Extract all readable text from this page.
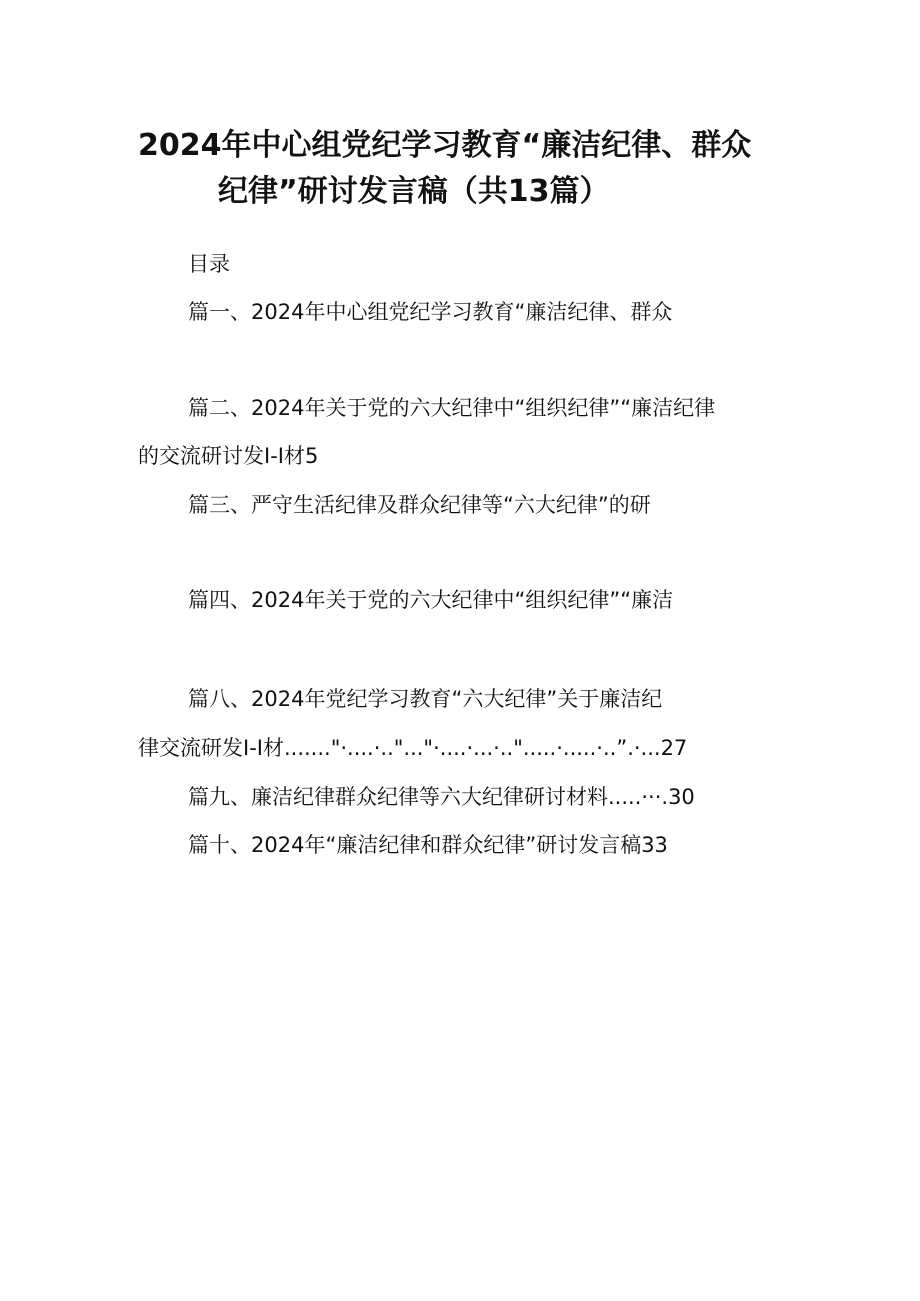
2024年中心组党纪学习教育“廉洁纪律、群众
纪律”研讨发言稿（共13篇）
目录
篇一、2024年中心组党纪学习教育“廉洁纪律、群众
篇二、2024年关于党的六大纪律中“组织纪律”“廉洁纪律
的交流研讨发I-I材5
篇三、严守生活纪律及群众纪律等“六大纪律”的研
篇四、2024年关于党的六大纪律中“组织纪律”“廉洁
篇八、2024年党纪学习教育“六大纪律”关于廉洁纪
律交流研发I-I材......."·....·.."..."·....·...·..".....·.....·..”.·...27
篇九、廉洁纪律群众纪律等六大纪律研讨材料.....···.30
篇十、2024年“廉洁纪律和群众纪律”研讨发言稿33
